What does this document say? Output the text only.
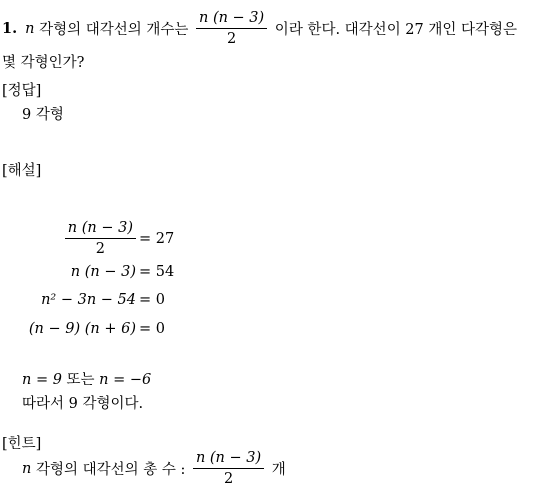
1. n 각형의 대각선의 개수는 $\frac{n (n - 3)}{2}$ 이라 한다. 대각선이 27 개인 다각형은
몇 각형인가?
[정답]
9 각형
[해설]
$\frac{n (n - 3)}{2} = 27$
n (n − 3) = 54
n² − 3n − 54 = 0
(n − 9) (n + 6) = 0
n = 9 또는 n = −6
따라서 9 각형이다.
[힌트]
n 각형의 대각선의 총 수 : $\frac{n (n - 3)}{2}$ 개
